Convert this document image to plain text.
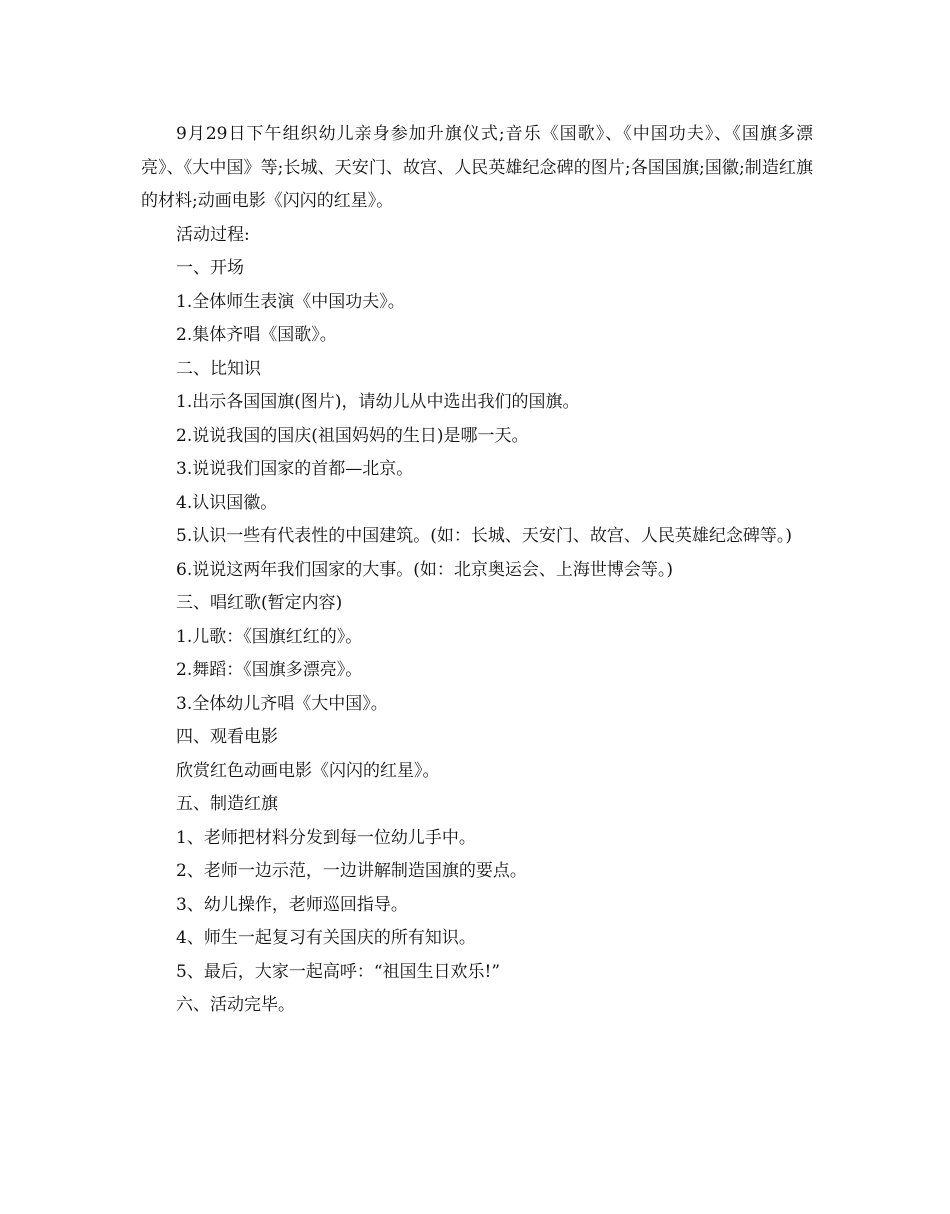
9月29日下午组织幼儿亲身参加升旗仪式;音乐《国歌》、《中国功夫》、《国旗多漂亮》、《大中国》等;长城、天安门、故宫、人民英雄纪念碑的图片;各国国旗;国徽;制造红旗的材料;动画电影《闪闪的红星》。

活动过程:

一、开场

1.全体师生表演《中国功夫》。

2.集体齐唱《国歌》。

二、比知识

1.出示各国国旗(图片)，请幼儿从中选出我们的国旗。

2.说说我国的国庆(祖国妈妈的生日)是哪一天。

3.说说我们国家的首都—北京。

4.认识国徽。

5.认识一些有代表性的中国建筑。(如：长城、天安门、故宫、人民英雄纪念碑等。)

6.说说这两年我们国家的大事。(如：北京奥运会、上海世博会等。)

三、唱红歌(暂定内容)

1.儿歌：《国旗红红的》。

2.舞蹈：《国旗多漂亮》。

3.全体幼儿齐唱《大中国》。

四、观看电影

欣赏红色动画电影《闪闪的红星》。

五、制造红旗

1、老师把材料分发到每一位幼儿手中。

2、老师一边示范，一边讲解制造国旗的要点。

3、幼儿操作，老师巡回指导。

4、师生一起复习有关国庆的所有知识。

5、最后，大家一起高呼：“祖国生日欢乐!”

六、活动完毕。
